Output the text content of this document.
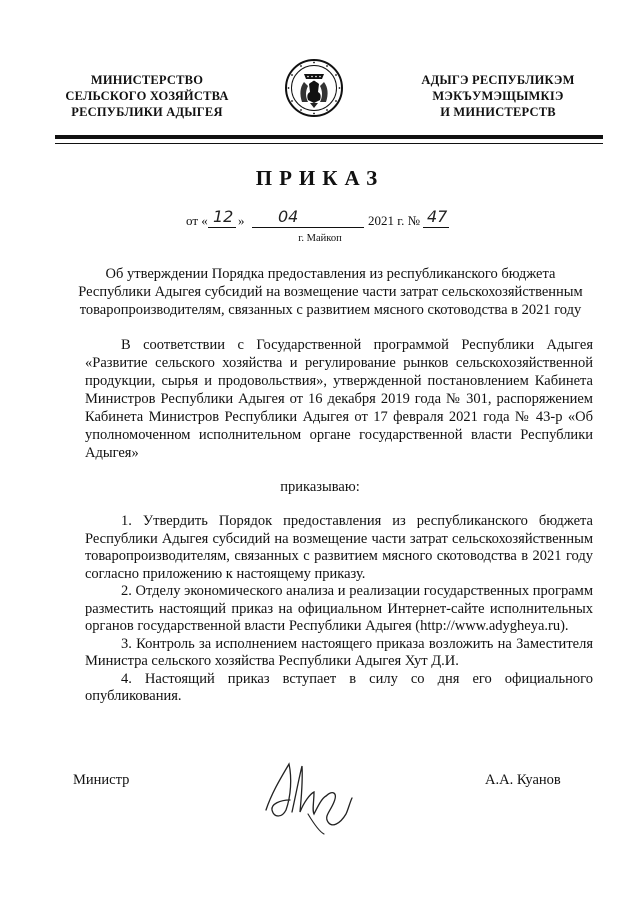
МИНИСТЕРСТВО
СЕЛЬСКОГО ХОЗЯЙСТВА
РЕСПУБЛИКИ АДЫГЕЯ
АДЫГЭ РЕСПУБЛИКЭМ
МЭКЪУМЭЩЫМКIЭ
И МИНИСТЕРСТВ
ПРИКАЗ
от « 12 » 04	2021 г. № 47
г. Майкоп
Об утверждении Порядка предоставления из республиканского бюджета
Республики Адыгея субсидий на возмещение части затрат сельскохозяйственным
товаропроизводителям, связанных с развитием мясного скотоводства в 2021 году
В соответствии с Государственной программой Республики Адыгея «Развитие сельского хозяйства и регулирование рынков сельскохозяйственной продукции, сырья и продовольствия», утвержденной постановлением Кабинета Министров Республики Адыгея от 16 декабря 2019 года № 301, распоряжением Кабинета Министров Республики Адыгея от 17 февраля 2021 года № 43-р «Об уполномоченном исполнительном органе государственной власти Республики Адыгея»
приказываю:

1. Утвердить Порядок предоставления из республиканского бюджета Республики Адыгея субсидий на возмещение части затрат сельскохозяйственным товаропроизводителям, связанных с развитием мясного скотоводства в 2021 году согласно приложению к настоящему приказу.

2. Отделу экономического анализа и реализации государственных программ разместить настоящий приказ на официальном Интернет-сайте исполнительных органов государственной власти Республики Адыгея (http://www.adygheya.ru).

3. Контроль за исполнением настоящего приказа возложить на Заместителя Министра сельского хозяйства Республики Адыгея Хут Д.И.

4. Настоящий приказ вступает в силу со дня его официального опубликования.

Министр	А.А. Куанов
